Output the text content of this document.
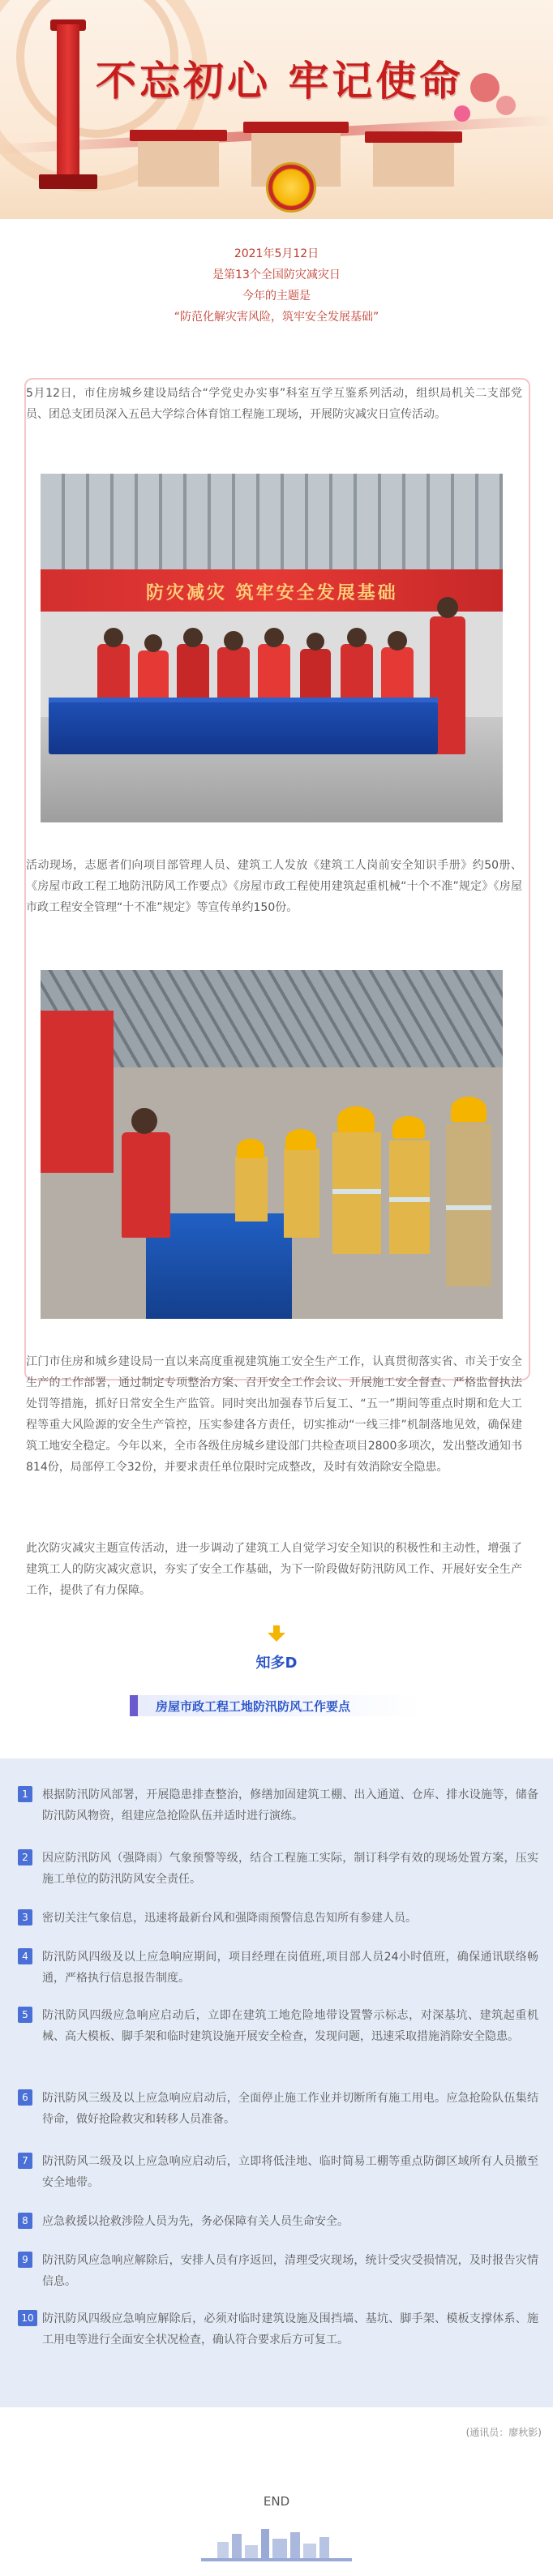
不忘初心 牢记使命
2021年5月12日
是第13个全国防灾减灾日
今年的主题是
“防范化解灾害风险，筑牢安全发展基础”
5月12日，市住房城乡建设局结合“学党史办实事”科室互学互鉴系列活动，组织局机关二支部党员、团总支团员深入五邑大学综合体育馆工程施工现场，开展防灾减灾日宣传活动。
防灾减灾 筑牢安全发展基础
活动现场，志愿者们向项目部管理人员、建筑工人发放《建筑工人岗前安全知识手册》约50册、《房屋市政工程工地防汛防风工作要点》《房屋市政工程使用建筑起重机械“十个不准”规定》《房屋市政工程安全管理“十不准”规定》等宣传单约150份。
江门市住房和城乡建设局一直以来高度重视建筑施工安全生产工作，认真贯彻落实省、市关于安全生产的工作部署，通过制定专项整治方案、召开安全工作会议、开展施工安全督查、严格监督执法处罚等措施，抓好日常安全生产监管。同时突出加强春节后复工、“五一”期间等重点时期和危大工程等重大风险源的安全生产管控，压实参建各方责任，切实推动“一线三排”机制落地见效，确保建筑工地安全稳定。今年以来，全市各级住房城乡建设部门共检查项目2800多项次，发出整改通知书814份，局部停工令32份，并要求责任单位限时完成整改，及时有效消除安全隐患。
此次防灾减灾主题宣传活动，进一步调动了建筑工人自觉学习安全知识的积极性和主动性，增强了建筑工人的防灾减灾意识，夯实了安全工作基础，为下一阶段做好防汛防风工作、开展好安全生产工作，提供了有力保障。
知多D
房屋市政工程工地防汛防风工作要点
1	根据防汛防风部署，开展隐患排查整治，修缮加固建筑工棚、出入通道、仓库、排水设施等，储备防汛防风物资，组建应急抢险队伍并适时进行演练。
2	因应防汛防风（强降雨）气象预警等级，结合工程施工实际，制订科学有效的现场处置方案，压实施工单位的防汛防风安全责任。
3	密切关注气象信息，迅速将最新台风和强降雨预警信息告知所有参建人员。
4	防汛防风四级及以上应急响应期间，项目经理在岗值班,项目部人员24小时值班，确保通讯联络畅通，严格执行信息报告制度。
5	防汛防风四级应急响应启动后，立即在建筑工地危险地带设置警示标志，对深基坑、建筑起重机械、高大模板、脚手架和临时建筑设施开展安全检查，发现问题，迅速采取措施消除安全隐患。
6	防汛防风三级及以上应急响应启动后，全面停止施工作业并切断所有施工用电。应急抢险队伍集结待命，做好抢险救灾和转移人员准备。
7	防汛防风二级及以上应急响应启动后，立即将低洼地、临时简易工棚等重点防御区域所有人员撤至安全地带。
8	应急救援以抢救涉险人员为先，务必保障有关人员生命安全。
9	防汛防风应急响应解除后，安排人员有序返回，清理受灾现场，统计受灾受损情况，及时报告灾情信息。
10 防汛防风四级应急响应解除后，必须对临时建筑设施及围挡墙、基坑、脚手架、模板支撑体系、施工用电等进行全面安全状况检查，确认符合要求后方可复工。
(通讯员：廖秋影)
END
